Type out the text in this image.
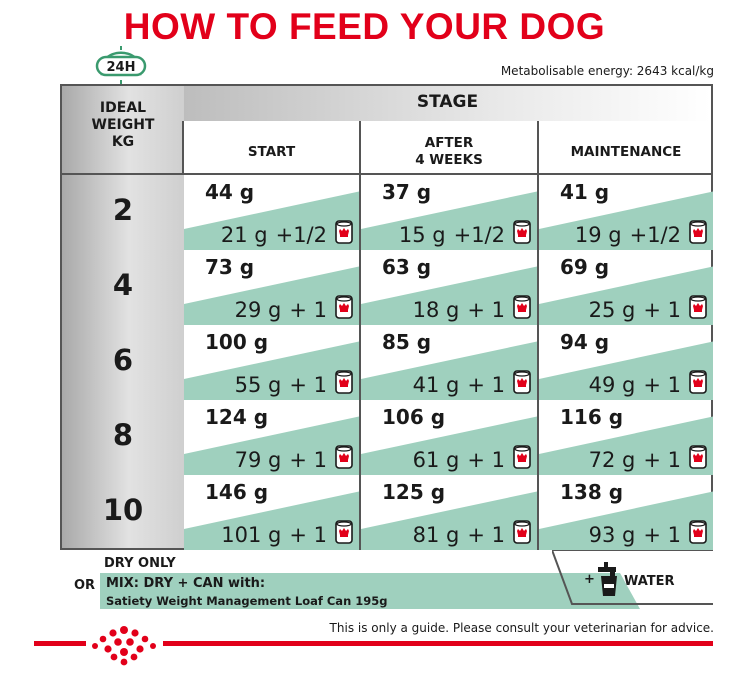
HOW TO FEED YOUR DOG
24H	Metabolisable energy: 2643 kcal/kg
STAGE
IDEAL
WEIGHT
KG
START
AFTER
4 WEEKS
MAINTENANCE
2
44 g
21 g +1/2
37 g
15 g +1/2
41 g
19 g +1/2
4
73 g
29 g + 1
63 g
18 g + 1
69 g
25 g + 1
6
100 g
55 g + 1
85 g
41 g + 1
94 g
49 g + 1
8
124 g
79 g + 1
106 g
61 g + 1
116 g
72 g + 1
10
146 g
101 g + 1
125 g
81 g + 1
138 g
93 g + 1
DRY ONLY
OR MIX: DRY + CAN with:
Satiety Weight Management Loaf Can 195g
+ WATER
This is only a guide. Please consult your veterinarian for advice.
